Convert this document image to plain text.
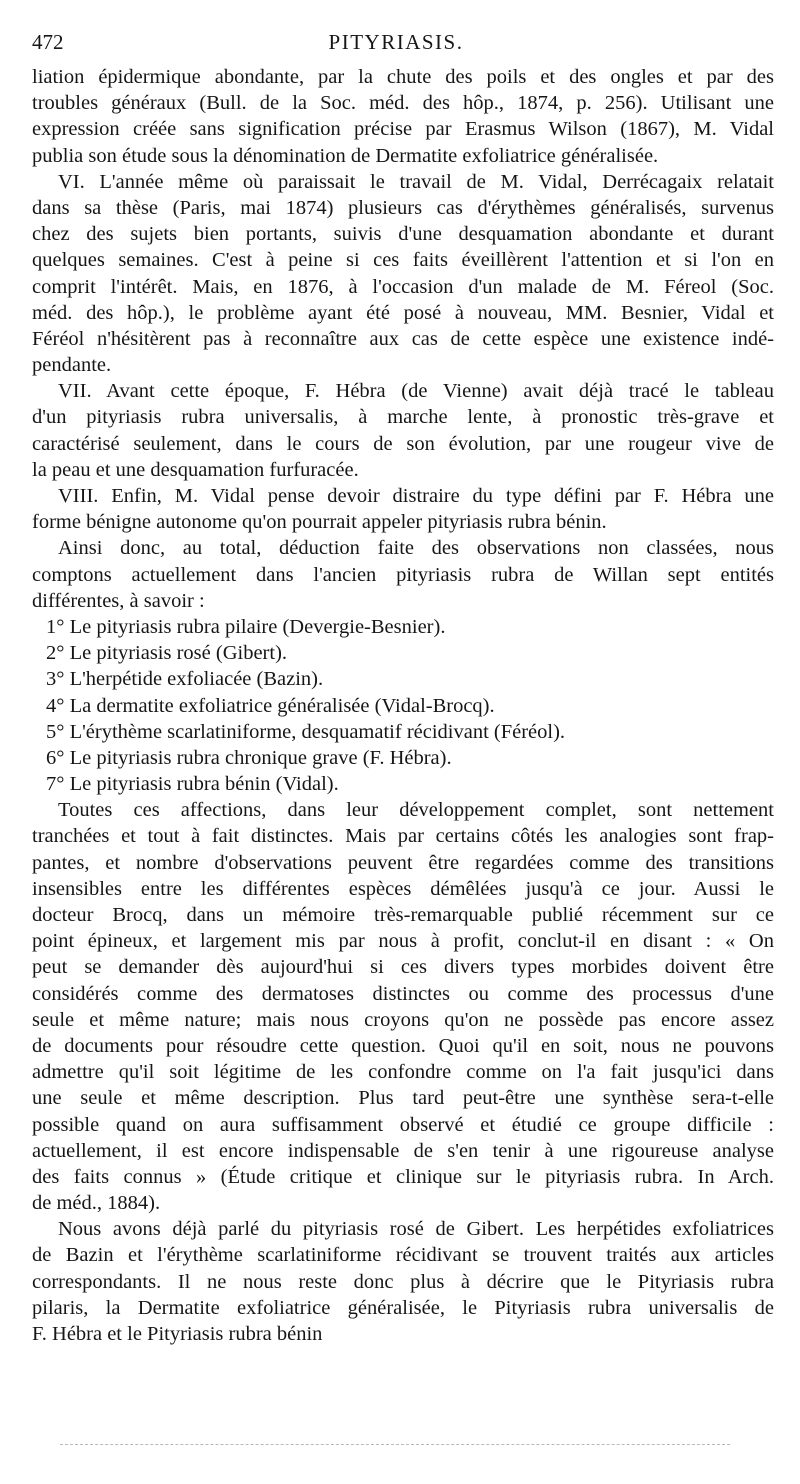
472	PITYRIASIS.
liation épidermique abondante, par la chute des poils et des ongles et par des
troubles généraux (Bull. de la Soc. méd. des hôp., 1874, p. 256). Utilisant une
expression créée sans signification précise par Erasmus Wilson (1867), M. Vidal
publia son étude sous la dénomination de Dermatite exfoliatrice généralisée.
VI. L'année même où paraissait le travail de M. Vidal, Derrécagaix relatait
dans sa thèse (Paris, mai 1874) plusieurs cas d'érythèmes généralisés, survenus
chez des sujets bien portants, suivis d'une desquamation abondante et durant
quelques semaines. C'est à peine si ces faits éveillèrent l'attention et si l'on en
comprit l'intérêt. Mais, en 1876, à l'occasion d'un malade de M. Féreol (Soc.
méd. des hôp.), le problème ayant été posé à nouveau, MM. Besnier, Vidal et
Féréol n'hésitèrent pas à reconnaître aux cas de cette espèce une existence indé-
pendante.
VII. Avant cette époque, F. Hébra (de Vienne) avait déjà tracé le tableau
d'un pityriasis rubra universalis, à marche lente, à pronostic très-grave et
caractérisé seulement, dans le cours de son évolution, par une rougeur vive de
la peau et une desquamation furfuracée.
VIII. Enfin, M. Vidal pense devoir distraire du type défini par F. Hébra une
forme bénigne autonome qu'on pourrait appeler pityriasis rubra bénin.
Ainsi donc, au total, déduction faite des observations non classées, nous
comptons actuellement dans l'ancien pityriasis rubra de Willan sept entités
différentes, à savoir :
1° Le pityriasis rubra pilaire (Devergie-Besnier).
2° Le pityriasis rosé (Gibert).
3° L'herpétide exfoliacée (Bazin).
4° La dermatite exfoliatrice généralisée (Vidal-Brocq).
5° L'érythème scarlatiniforme, desquamatif récidivant (Féréol).
6° Le pityriasis rubra chronique grave (F. Hébra).
7° Le pityriasis rubra bénin (Vidal).
Toutes ces affections, dans leur développement complet, sont nettement
tranchées et tout à fait distinctes. Mais par certains côtés les analogies sont frap-
pantes, et nombre d'observations peuvent être regardées comme des transitions
insensibles entre les différentes espèces démêlées jusqu'à ce jour. Aussi le
docteur Brocq, dans un mémoire très-remarquable publié récemment sur ce
point épineux, et largement mis par nous à profit, conclut-il en disant : « On
peut se demander dès aujourd'hui si ces divers types morbides doivent être
considérés comme des dermatoses distinctes ou comme des processus d'une
seule et même nature; mais nous croyons qu'on ne possède pas encore assez
de documents pour résoudre cette question. Quoi qu'il en soit, nous ne pouvons
admettre qu'il soit légitime de les confondre comme on l'a fait jusqu'ici dans
une seule et même description. Plus tard peut-être une synthèse sera-t-elle
possible quand on aura suffisamment observé et étudié ce groupe difficile :
actuellement, il est encore indispensable de s'en tenir à une rigoureuse analyse
des faits connus » (Étude critique et clinique sur le pityriasis rubra. In Arch.
de méd., 1884).
Nous avons déjà parlé du pityriasis rosé de Gibert. Les herpétides exfoliatrices
de Bazin et l'érythème scarlatiniforme récidivant se trouvent traités aux articles
correspondants. Il ne nous reste donc plus à décrire que le Pityriasis rubra
pilaris, la Dermatite exfoliatrice généralisée, le Pityriasis rubra universalis de
F. Hébra et le Pityriasis rubra bénin
